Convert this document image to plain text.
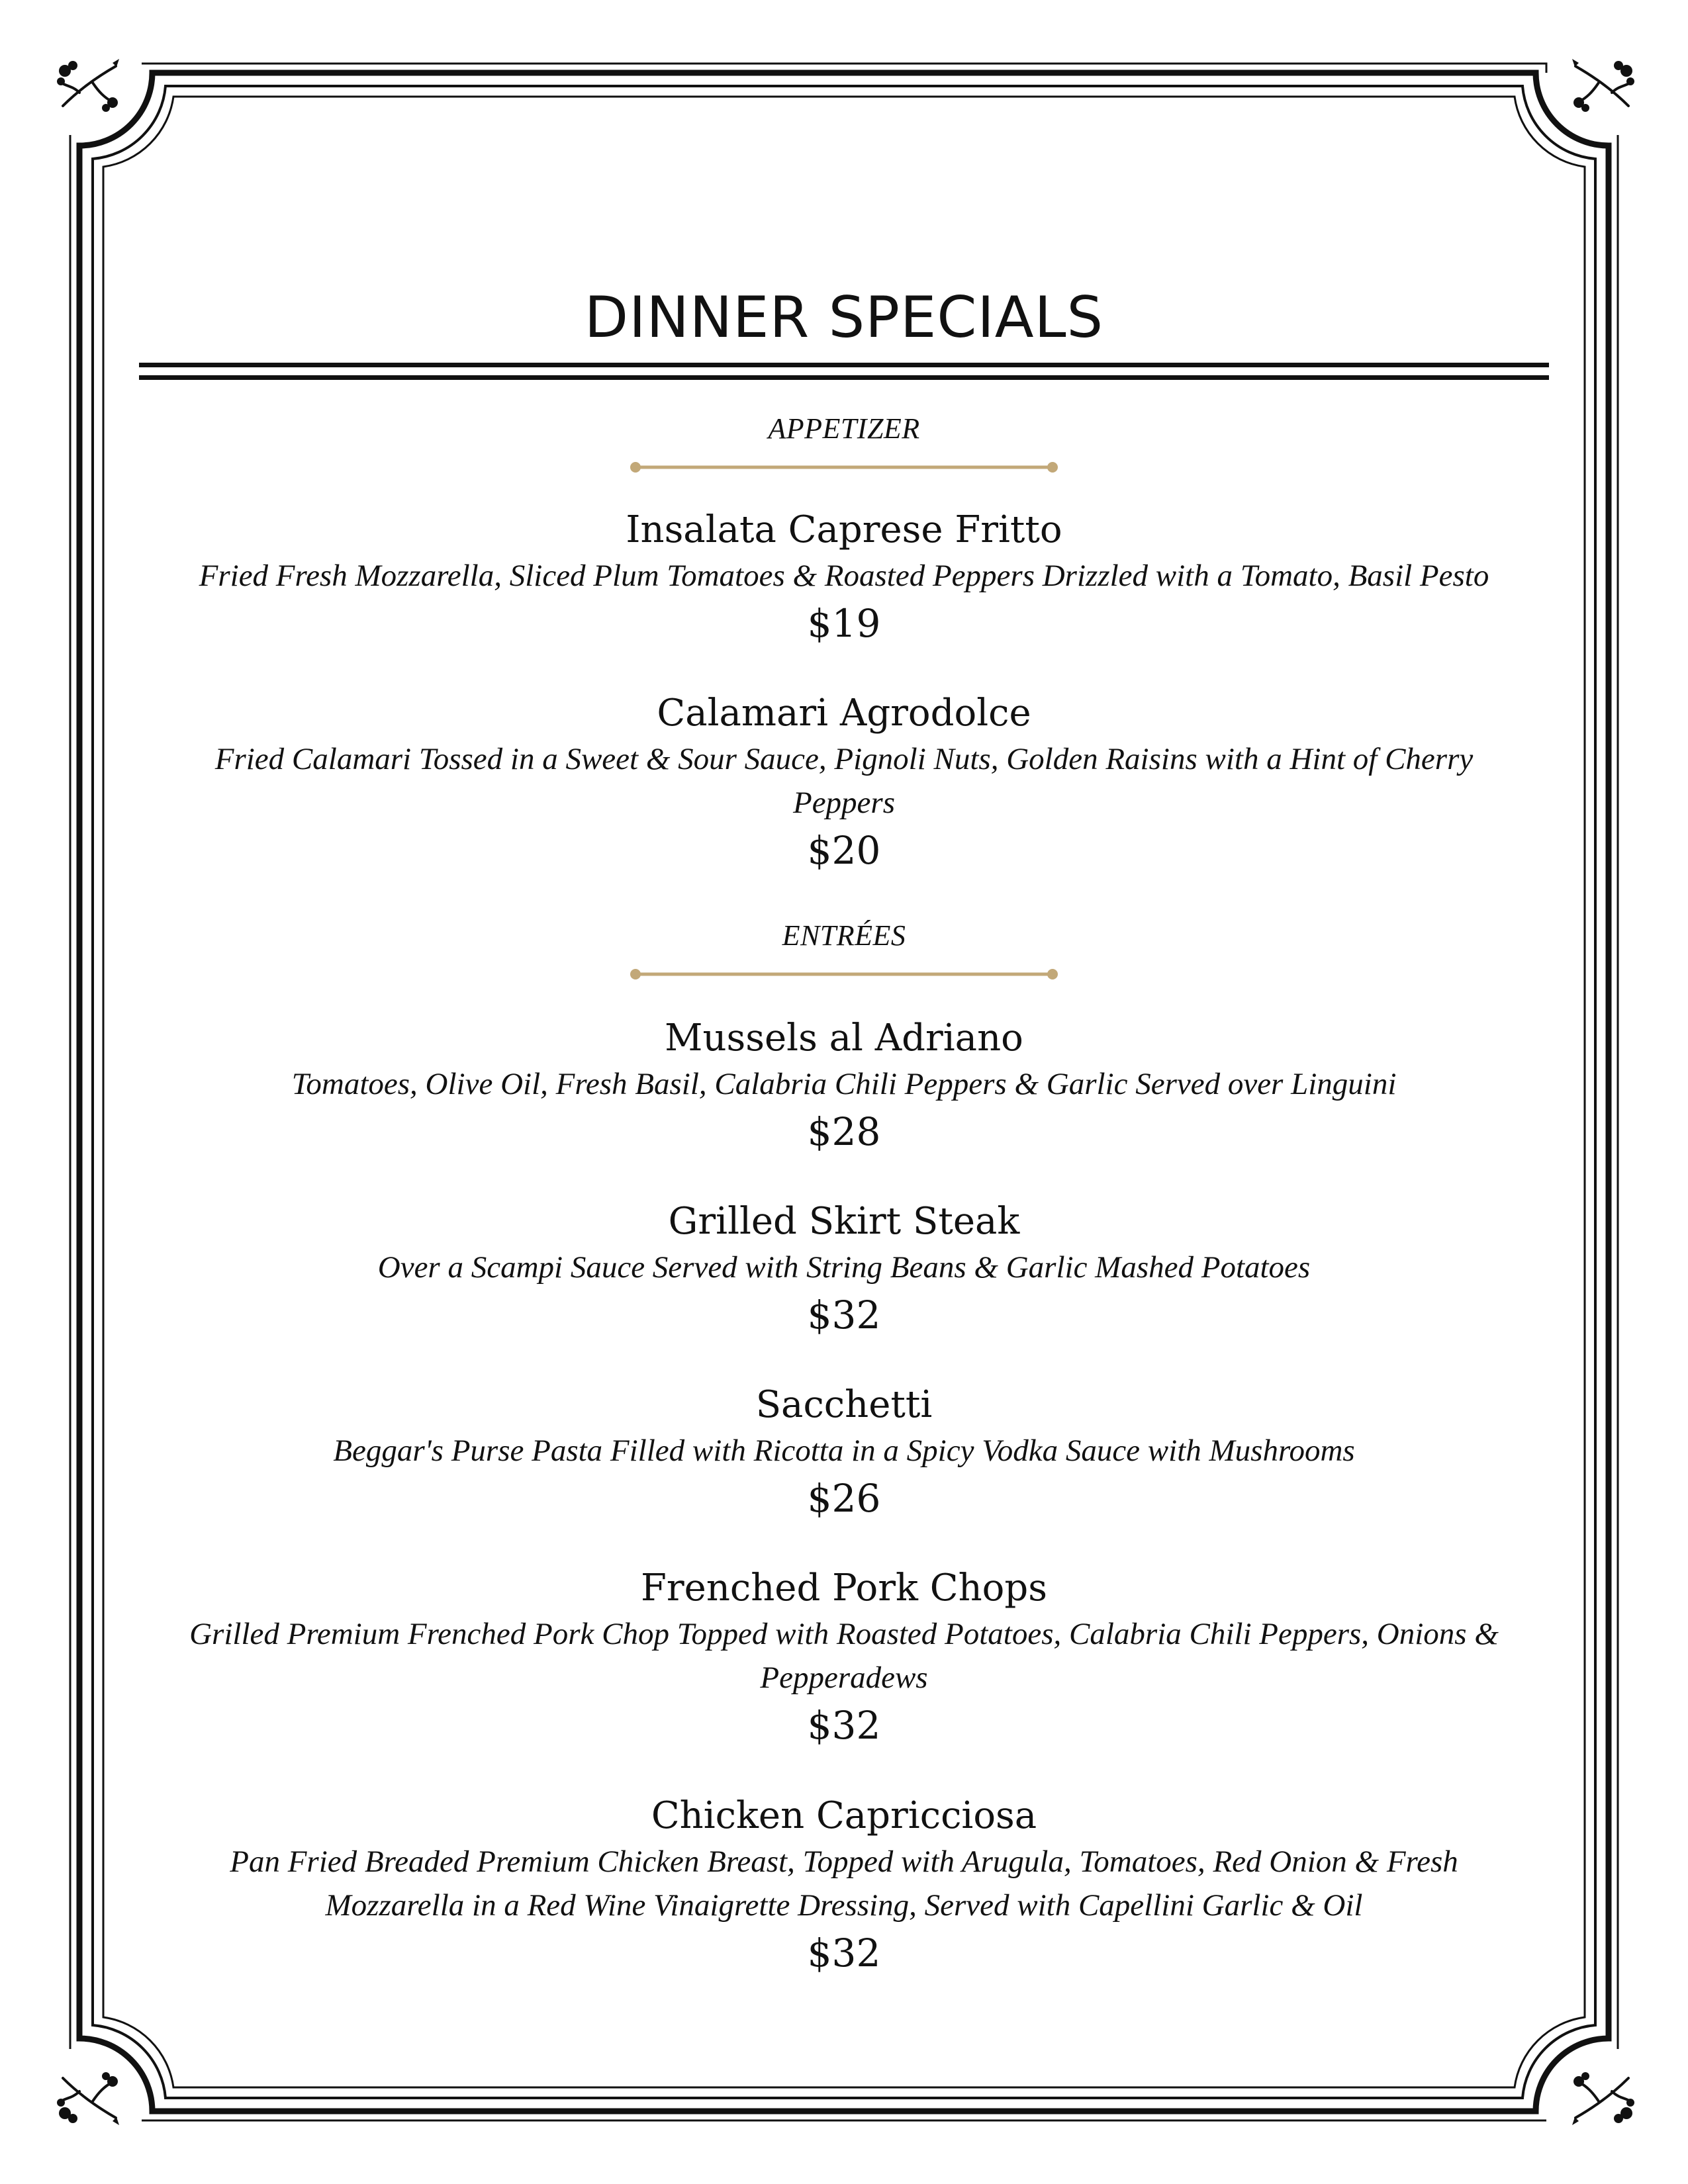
DINNER SPECIALS
APPETIZER
Insalata Caprese Fritto
Fried Fresh Mozzarella, Sliced Plum Tomatoes & Roasted Peppers Drizzled with a Tomato, Basil Pesto
$19
Calamari Agrodolce
Fried Calamari Tossed in a Sweet & Sour Sauce, Pignoli Nuts, Golden Raisins with a Hint of Cherry Peppers
$20
ENTRÉES
Mussels al Adriano
Tomatoes, Olive Oil, Fresh Basil, Calabria Chili Peppers & Garlic Served over Linguini
$28
Grilled Skirt Steak
Over a Scampi Sauce Served with String Beans & Garlic Mashed Potatoes
$32
Sacchetti
Beggar's Purse Pasta Filled with Ricotta in a Spicy Vodka Sauce with Mushrooms
$26
Frenched Pork Chops
Grilled Premium Frenched Pork Chop Topped with Roasted Potatoes, Calabria Chili Peppers, Onions & Pepperadews
$32
Chicken Capricciosa
Pan Fried Breaded Premium Chicken Breast, Topped with Arugula, Tomatoes, Red Onion & Fresh Mozzarella in a Red Wine Vinaigrette Dressing, Served with Capellini Garlic & Oil
$32
